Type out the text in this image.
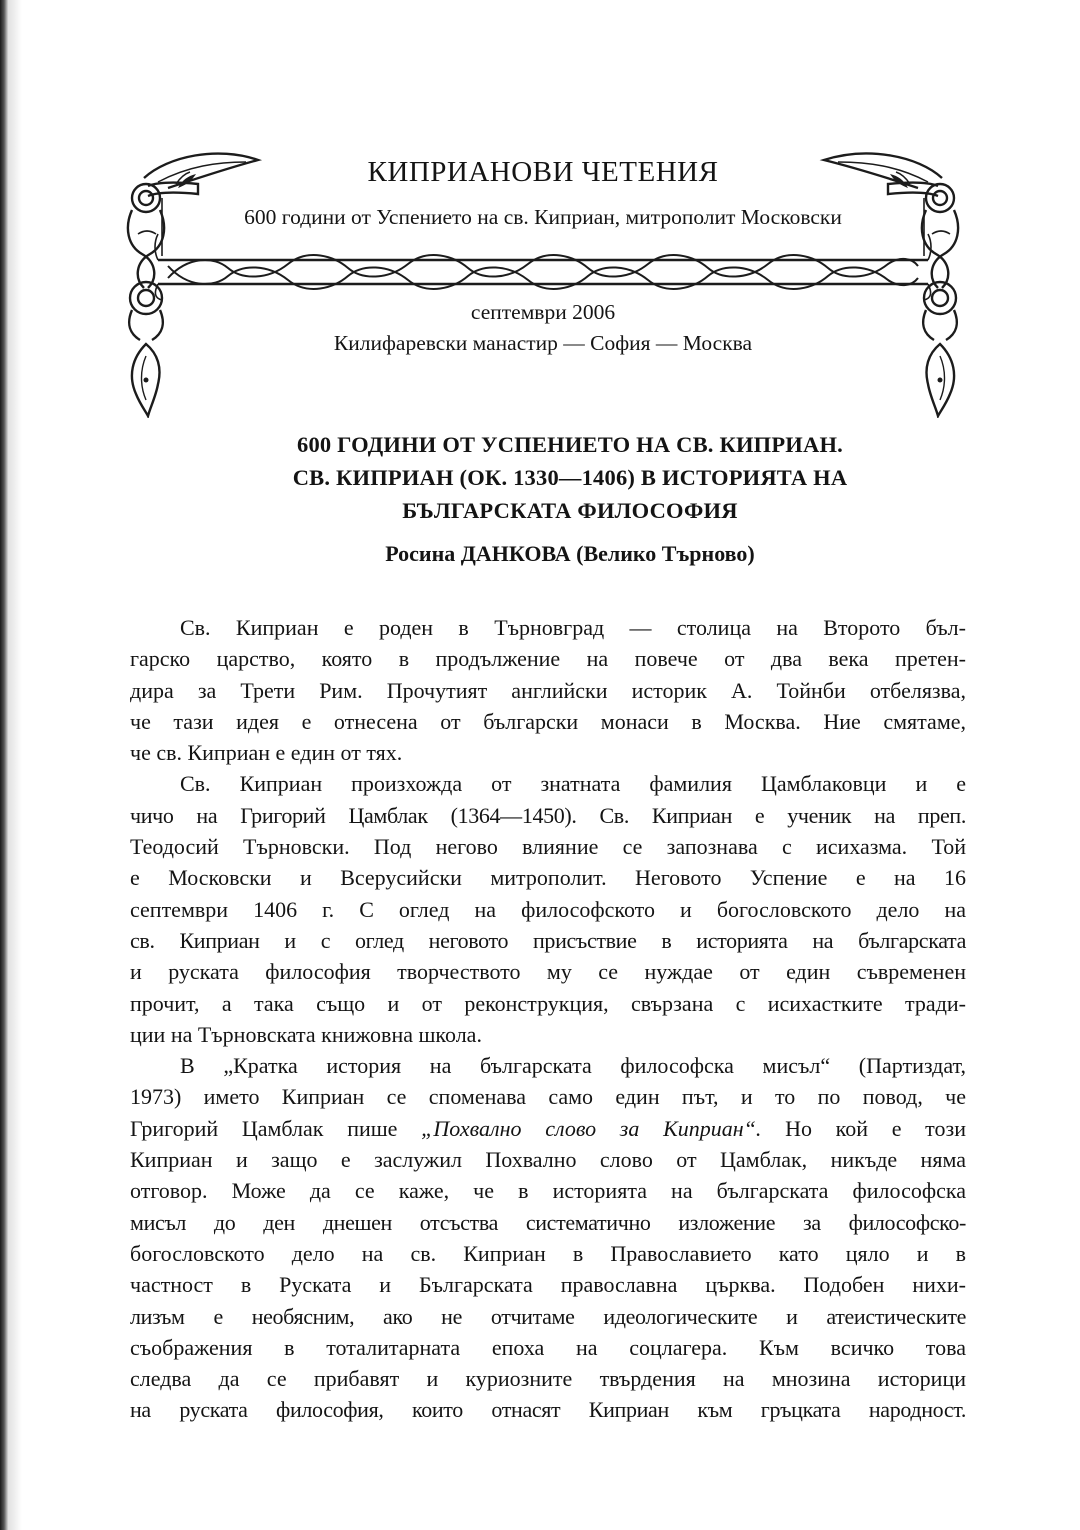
КИПРИАНОВИ ЧЕТЕНИЯ
600 години от Успението на св. Киприан, митрополит Московски
септември 2006
Килифаревски манастир — София — Москва
600 ГОДИНИ ОТ УСПЕНИЕТО НА СВ. КИПРИАН.
СВ. КИПРИАН (ОК. 1330—1406) В ИСТОРИЯТА НА
БЪЛГАРСКАТА ФИЛОСОФИЯ
Росина ДАНКОВА (Велико Търново)
Св. Киприан е роден в Търновград — столица на Второто бъл-
гарско царство, която в продължение на повече от два века претен-
дира за Трети Рим. Прочутият английски историк А. Тойнби отбелязва,
че тази идея е отнесена от български монаси в Москва. Ние смятаме,
че св. Киприан е един от тях.
Св. Киприан произхожда от знатната фамилия Цамблаковци и е
чичо на Григорий Цамблак (1364—1450). Св. Киприан е ученик на преп.
Теодосий Търновски. Под негово влияние се запознава с исихазма. Той
е Московски и Всерусийски митрополит. Неговото Успение е на 16
септември 1406 г. С оглед на философското и богословското дело на
св. Киприан и с оглед неговото присъствие в историята на българската
и руската философия творчеството му се нуждае от един съвременен
прочит, а така също и от реконструкция, свързана с исихастките тради-
ции на Търновската книжовна школа.
В „Кратка история на българската философска мисъл“ (Партиздат,
1973) името Киприан се споменава само един път, и то по повод, че
Григорий Цамблак пише „Похвално слово за Киприан“. Но кой е този
Киприан и защо е заслужил Похвално слово от Цамблак, никъде няма
отговор. Може да се каже, че в историята на българската философска
мисъл до ден днешен отсъства систематично изложение за философско-
богословското дело на св. Киприан в Православието като цяло и в
частност в Руската и Българската православна църква. Подобен нихи-
лизъм е необясним, ако не отчитаме идеологическите и атеистическите
съображения в тоталитарната епоха на соцлагера. Към всичко това
следва да се прибавят и куриозните твърдения на мнозина историци
на руската философия, които отнасят Киприан към гръцката народност.
